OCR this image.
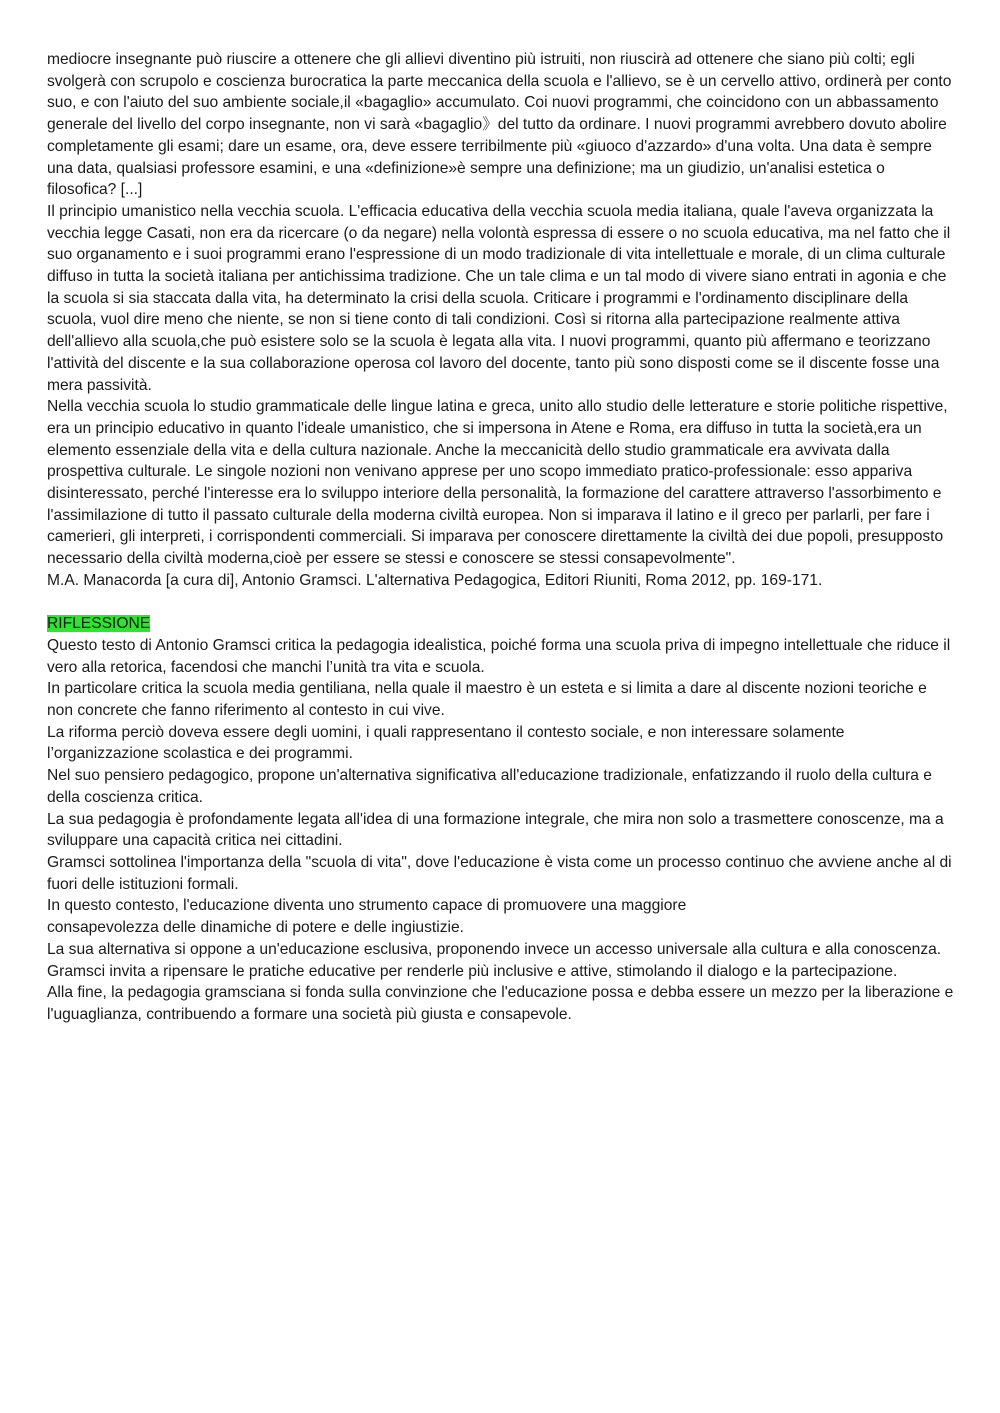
mediocre insegnante può riuscire a ottenere che gli allievi diventino più istruiti, non riuscirà ad ottenere che siano più colti; egli svolgerà con scrupolo e coscienza burocratica la parte meccanica della scuola e l'allievo, se è un cervello attivo, ordinerà per conto suo, e con l'aiuto del suo ambiente sociale,il «bagaglio» accumulato. Coi nuovi programmi, che coincidono con un abbassamento generale del livello del corpo insegnante, non vi sarà «bagaglio》del tutto da ordinare. I nuovi programmi avrebbero dovuto abolire completamente gli esami; dare un esame, ora, deve essere terribilmente più «giuoco d'azzardo» d'una volta. Una data è sempre una data, qualsiasi professore esamini, e una «definizione»è sempre una definizione; ma un giudizio, un'analisi estetica o filosofica? [...]

Il principio umanistico nella vecchia scuola. L'efficacia educativa della vecchia scuola media italiana, quale l'aveva organizzata la vecchia legge Casati, non era da ricercare (o da negare) nella volontà espressa di essere o no scuola educativa, ma nel fatto che il suo organamento e i suoi programmi erano l'espressione di un modo tradizionale di vita intellettuale e morale, di un clima culturale diffuso in tutta la società italiana per antichissima tradizione. Che un tale clima e un tal modo di vivere siano entrati in agonia e che la scuola si sia staccata dalla vita, ha determinato la crisi della scuola. Criticare i programmi e l'ordinamento disciplinare della scuola, vuol dire meno che niente, se non si tiene conto di tali condizioni. Così si ritorna alla partecipazione realmente attiva dell'allievo alla scuola,che può esistere solo se la scuola è legata alla vita. I nuovi programmi, quanto più affermano e teorizzano l'attività del discente e la sua collaborazione operosa col lavoro del docente, tanto più sono disposti come se il discente fosse una mera passività.

Nella vecchia scuola lo studio grammaticale delle lingue latina e greca, unito allo studio delle letterature e storie politiche rispettive, era un principio educativo in quanto l'ideale umanistico, che si impersona in Atene e Roma, era diffuso in tutta la società,era un elemento essenziale della vita e della cultura nazionale. Anche la meccanicità dello studio grammaticale era avvivata dalla prospettiva culturale. Le singole nozioni non venivano apprese per uno scopo immediato pratico-professionale: esso appariva disinteressato, perché l'interesse era lo sviluppo interiore della personalità, la formazione del carattere attraverso l'assorbimento e l'assimilazione di tutto il passato culturale della moderna civiltà europea. Non si imparava il latino e il greco per parlarli, per fare i camerieri, gli interpreti, i corrispondenti commerciali. Si imparava per conoscere direttamente la civiltà dei due popoli, presupposto necessario della civiltà moderna,cioè per essere se stessi e conoscere se stessi consapevolmente".

M.A. Manacorda [a cura di], Antonio Gramsci. L'alternativa Pedagogica, Editori Riuniti, Roma 2012, pp. 169-171.

RIFLESSIONE

Questo testo di Antonio Gramsci critica la pedagogia idealistica, poiché forma una scuola priva di impegno intellettuale che riduce il vero alla retorica, facendosi che manchi l’unità tra vita e scuola.

In particolare critica la scuola media gentiliana, nella quale il maestro è un esteta e si limita a dare al discente nozioni teoriche e non concrete che fanno riferimento al contesto in cui vive.

La riforma perciò doveva essere degli uomini, i quali rappresentano il contesto sociale, e non interessare solamente l’organizzazione scolastica e dei programmi.

Nel suo pensiero pedagogico, propone un'alternativa significativa all'educazione tradizionale, enfatizzando il ruolo della cultura e della coscienza critica.

La sua pedagogia è profondamente legata all'idea di una formazione integrale, che mira non solo a trasmettere conoscenze, ma a sviluppare una capacità critica nei cittadini.

Gramsci sottolinea l'importanza della "scuola di vita", dove l'educazione è vista come un processo continuo che avviene anche al di fuori delle istituzioni formali.

In questo contesto, l'educazione diventa uno strumento capace di promuovere una maggiore

consapevolezza delle dinamiche di potere e delle ingiustizie.

La sua alternativa si oppone a un'educazione esclusiva, proponendo invece un accesso universale alla cultura e alla conoscenza.

Gramsci invita a ripensare le pratiche educative per renderle più inclusive e attive, stimolando il dialogo e la partecipazione.

Alla fine, la pedagogia gramsciana si fonda sulla convinzione che l'educazione possa e debba essere un mezzo per la liberazione e l'uguaglianza, contribuendo a formare una società più giusta e consapevole.
